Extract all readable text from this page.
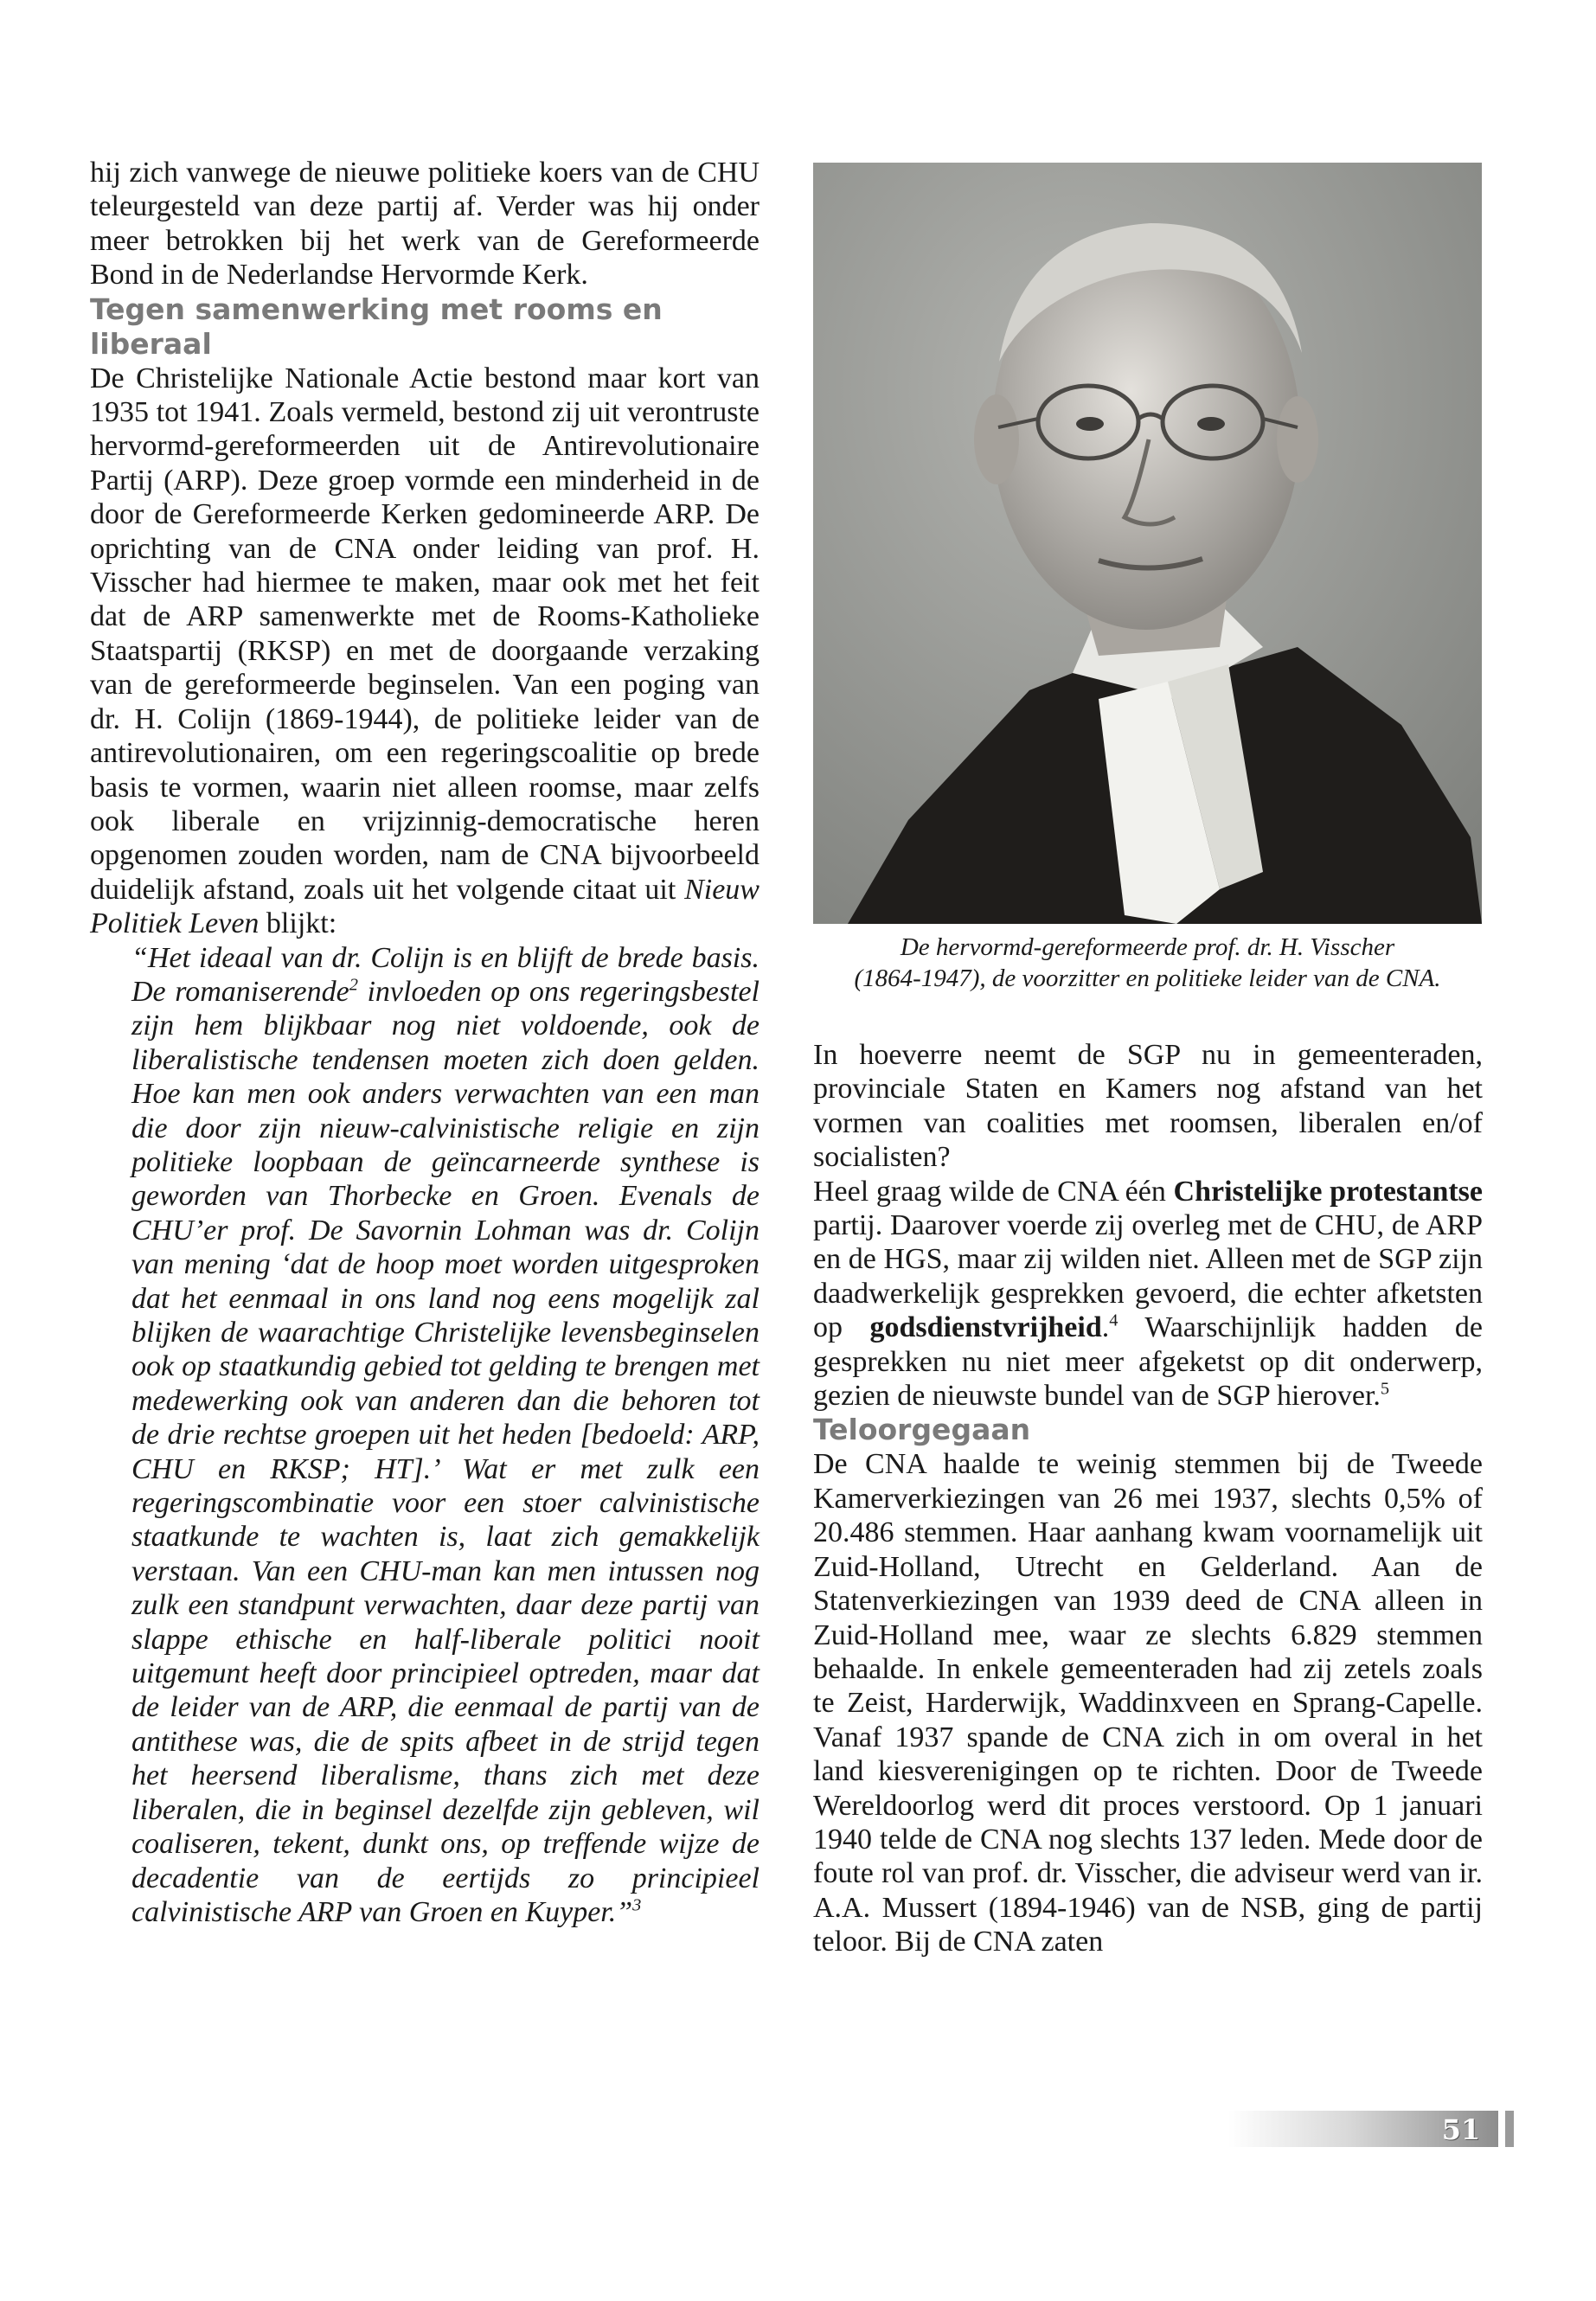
hij zich vanwege de nieuwe politieke koers van de CHU teleurgesteld van deze partij af. Verder was hij onder meer betrokken bij het werk van de Gereformeerde Bond in de Nederlandse Hervormde Kerk.

Tegen samenwerking met rooms en liberaal

De Christelijke Nationale Actie bestond maar kort van 1935 tot 1941. Zoals vermeld, bestond zij uit verontruste hervormd-gereformeerden uit de Antirevolutionaire Partij (ARP). Deze groep vormde een minderheid in de door de Gereformeerde Kerken gedomineerde ARP. De oprichting van de CNA onder leiding van prof. H. Visscher had hiermee te maken, maar ook met het feit dat de ARP samenwerkte met de Rooms-Katholieke Staatspartij (RKSP) en met de doorgaande verzaking van de gereformeerde beginselen. Van een poging van dr. H. Colijn (1869-1944), de politieke leider van de antirevolutionairen, om een regeringscoalitie op brede basis te vormen, waarin niet alleen roomse, maar zelfs ook liberale en vrijzinnig-democratische heren opgenomen zouden worden, nam de CNA bijvoorbeeld duidelijk afstand, zoals uit het volgende citaat uit Nieuw Politiek Leven blijkt:

“Het ideaal van dr. Colijn is en blijft de brede basis. De romaniserende$^2$ invloeden op ons regeringsbestel zijn hem blijkbaar nog niet voldoende, ook de liberalistische tendensen moeten zich doen gelden. Hoe kan men ook anders verwachten van een man die door zijn nieuw-calvinistische religie en zijn politieke loopbaan de geïncarneerde synthese is geworden van Thorbecke en Groen. Evenals de CHU’er prof. De Savornin Lohman was dr. Colijn van mening ‘dat de hoop moet worden uitgesproken dat het eenmaal in ons land nog eens mogelijk zal blijken de waarachtige Christelijke levensbeginselen ook op staatkundig gebied tot gelding te brengen met medewerking ook van anderen dan die behoren tot de drie rechtse groepen uit het heden [bedoeld: ARP, CHU en RKSP; HT].’ Wat er met zulk een regeringscombinatie voor een stoer calvinistische staatkunde te wachten is, laat zich gemakkelijk verstaan. Van een CHU-man kan men intussen nog zulk een standpunt verwachten, daar deze partij van slappe ethische en half-liberale politici nooit uitgemunt heeft door principieel optreden, maar dat de leider van de ARP, die eenmaal de partij van de antithese was, die de spits afbeet in de strijd tegen het heersend liberalisme, thans zich met deze liberalen, die in beginsel dezelfde zijn gebleven, wil coaliseren, tekent, dunkt ons, op treffende wijze de decadentie van de eertijds zo principieel calvinistische ARP van Groen en Kuyper.”$^3$

De hervormd-gereformeerde prof. dr. H. Visscher
(1864-1947), de voorzitter en politieke leider van de CNA.

In hoeverre neemt de SGP nu in gemeenteraden, provinciale Staten en Kamers nog afstand van het vormen van coalities met roomsen, liberalen en/of socialisten?

Heel graag wilde de CNA één Christelijke protestantse partij. Daarover voerde zij overleg met de CHU, de ARP en de HGS, maar zij wilden niet. Alleen met de SGP zijn daadwerkelijk gesprekken gevoerd, die echter afketsten op godsdienstvrijheid.$^4$ Waarschijnlijk hadden de gesprekken nu niet meer afgeketst op dit onderwerp, gezien de nieuwste bundel van de SGP hierover.$^5$

Teloorgegaan

De CNA haalde te weinig stemmen bij de Tweede Kamerverkiezingen van 26 mei 1937, slechts 0,5% of 20.486 stemmen. Haar aanhang kwam voornamelijk uit Zuid-Holland, Utrecht en Gelderland. Aan de Statenverkiezingen van 1939 deed de CNA alleen in Zuid-Holland mee, waar ze slechts 6.829 stemmen behaalde. In enkele gemeenteraden had zij zetels zoals te Zeist, Harderwijk, Waddinxveen en Sprang-Capelle. Vanaf 1937 spande de CNA zich in om overal in het land kiesverenigingen op te richten. Door de Tweede Wereldoorlog werd dit proces verstoord. Op 1 januari 1940 telde de CNA nog slechts 137 leden. Mede door de foute rol van prof. dr. Visscher, die adviseur werd van ir. A.A. Mussert (1894-1946) van de NSB, ging de partij teloor. Bij de CNA zaten

51
